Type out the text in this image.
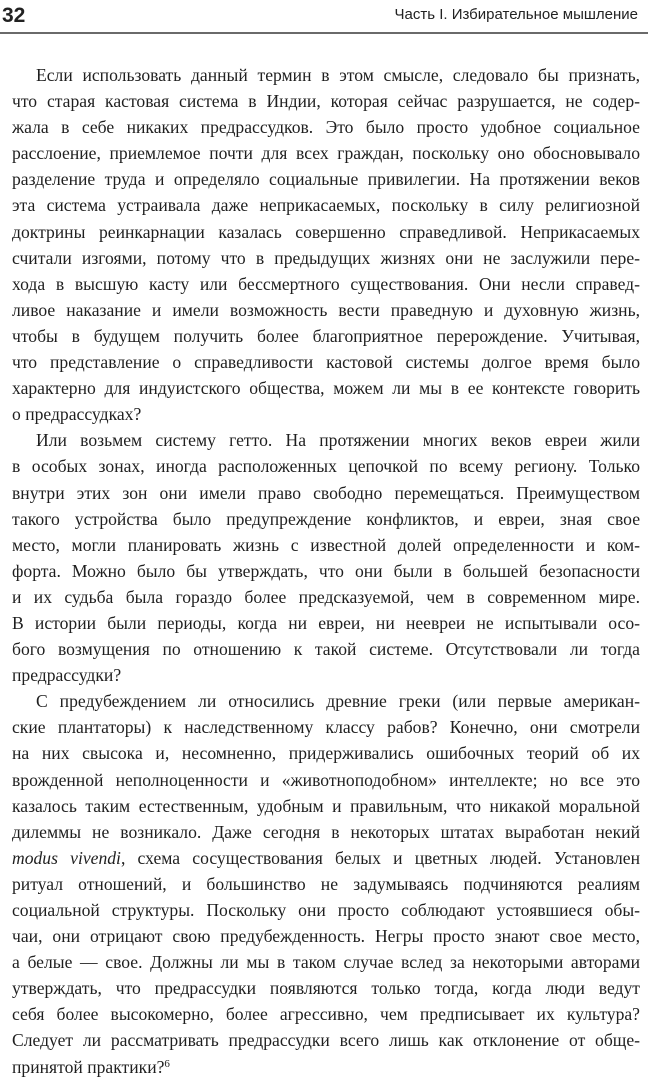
32	Часть I. Избирательное мышление

Если использовать данный термин в этом смысле, следовало бы признать,
что старая кастовая система в Индии, которая сейчас разрушается, не содер-
жала в себе никаких предрассудков. Это было просто удобное социальное
расслоение, приемлемое почти для всех граждан, поскольку оно обосновывало
разделение труда и определяло социальные привилегии. На протяжении веков
эта система устраивала даже неприкасаемых, поскольку в силу религиозной
доктрины реинкарнации казалась совершенно справедливой. Неприкасаемых
считали изгоями, потому что в предыдущих жизнях они не заслужили пере-
хода в высшую касту или бессмертного существования. Они несли справед-
ливое наказание и имели возможность вести праведную и духовную жизнь,
чтобы в будущем получить более благоприятное перерождение. Учитывая,
что представление о справедливости кастовой системы долгое время было
характерно для индуистского общества, можем ли мы в ее контексте говорить
о предрассудках?

Или возьмем систему гетто. На протяжении многих веков евреи жили
в особых зонах, иногда расположенных цепочкой по всему региону. Только
внутри этих зон они имели право свободно перемещаться. Преимуществом
такого устройства было предупреждение конфликтов, и евреи, зная свое
место, могли планировать жизнь с известной долей определенности и ком-
форта. Можно было бы утверждать, что они были в большей безопасности
и их судьба была гораздо более предсказуемой, чем в современном мире.
В истории были периоды, когда ни евреи, ни неевреи не испытывали осо-
бого возмущения по отношению к такой системе. Отсутствовали ли тогда
предрассудки?

С предубеждением ли относились древние греки (или первые американ-
ские плантаторы) к наследственному классу рабов? Конечно, они смотрели
на них свысока и, несомненно, придерживались ошибочных теорий об их
врожденной неполноценности и «животноподобном» интеллекте; но все это
казалось таким естественным, удобным и правильным, что никакой моральной
дилеммы не возникало. Даже сегодня в некоторых штатах выработан некий
modus vivendi, схема сосуществования белых и цветных людей. Установлен
ритуал отношений, и большинство не задумываясь подчиняются реалиям
социальной структуры. Поскольку они просто соблюдают устоявшиеся обы-
чаи, они отрицают свою предубежденность. Негры просто знают свое место,
а белые — свое. Должны ли мы в таком случае вслед за некоторыми авторами
утверждать, что предрассудки появляются только тогда, когда люди ведут
себя более высокомерно, более агрессивно, чем предписывает их культура?
Следует ли рассматривать предрассудки всего лишь как отклонение от обще-
принятой практики?$^6$
